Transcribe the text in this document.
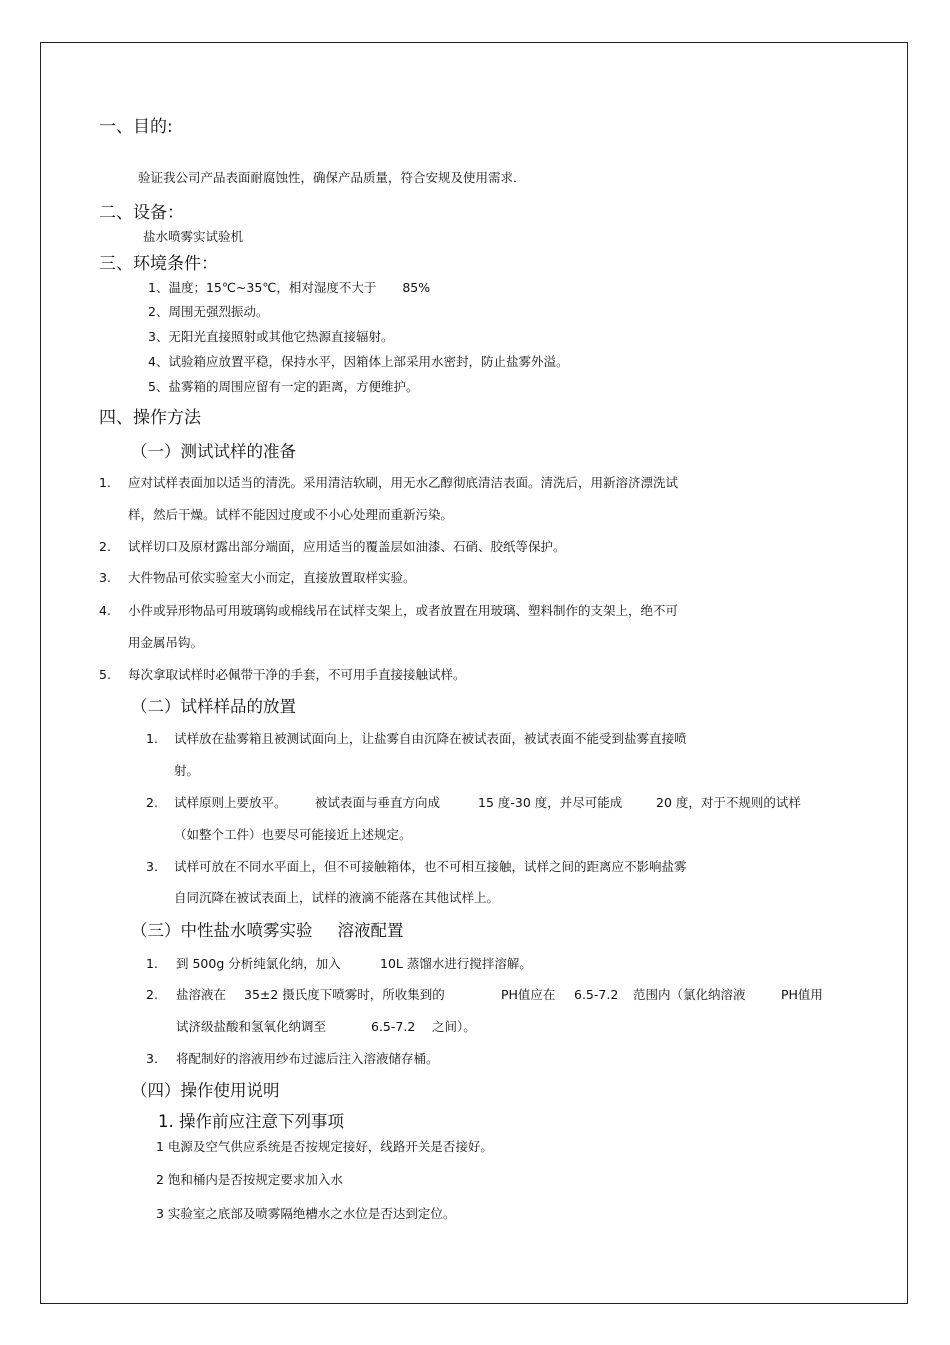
一、目的:
验证我公司产品表面耐腐蚀性，确保产品质量，符合安规及使用需求．
二、设备：
盐水喷雾实试验机
三、环境条件：
1、温度；15℃~35℃，相对湿度不大于 85%
2、周围无强烈振动。
3、无阳光直接照射或其他它热源直接辐射。
4、试验箱应放置平稳，保持水平，因箱体上部采用水密封，防止盐雾外溢。
5、盐雾箱的周围应留有一定的距离，方便维护。
四、操作方法
（一）测试试样的准备
1. 应对试样表面加以适当的清洗。采用清洁软刷，用无水乙醇彻底清洁表面。清洗后，用新溶济漂洗试
样，然后干燥。试样不能因过度或不小心处理而重新污染。
2. 试样切口及原材露出部分端面，应用适当的覆盖层如油漆、石硝、胶纸等保护。
3. 大件物品可依实验室大小而定，直接放置取样实验。
4. 小件或异形物品可用玻璃钩或棉线吊在试样支架上，或者放置在用玻璃、塑料制作的支架上，绝不可
用金属吊钩。
5. 每次拿取试样时必佩带干净的手套，不可用手直接接触试样。
（二）试样样品的放置
1. 试样放在盐雾箱且被测试面向上，让盐雾自由沉降在被试表面，被试表面不能受到盐雾直接喷
射。
2. 试样原则上要放平。 被试表面与垂直方向成	15 度-30 度，并尽可能成	20 度，对于不规则的试样
（如整个工件）也要尽可能接近上述规定。
3. 试样可放在不同水平面上，但不可接触箱体，也不可相互接触，试样之间的距离应不影响盐雾
自同沉降在被试表面上，试样的液滴不能落在其他试样上。
（三）中性盐水喷雾实验 溶液配置
1. 到 500g 分析纯氯化纳，加入	10L 蒸馏水进行搅拌溶解。
2. 盐溶液在 35±2 摄氏度下喷雾时，所收集到的	PH值应在 6.5-7.2 范围内（氯化纳溶液	PH值用
试济级盐酸和氢氧化纳调至	6.5-7.2 之间）。
3. 将配制好的溶液用纱布过滤后注入溶液储存桶。
（四）操作使用说明
1. 操作前应注意下列事项
1 电源及空气供应系统是否按规定接好，线路开关是否接好。
2 饱和桶内是否按规定要求加入水
3 实验室之底部及喷雾隔绝槽水之水位是否达到定位。
